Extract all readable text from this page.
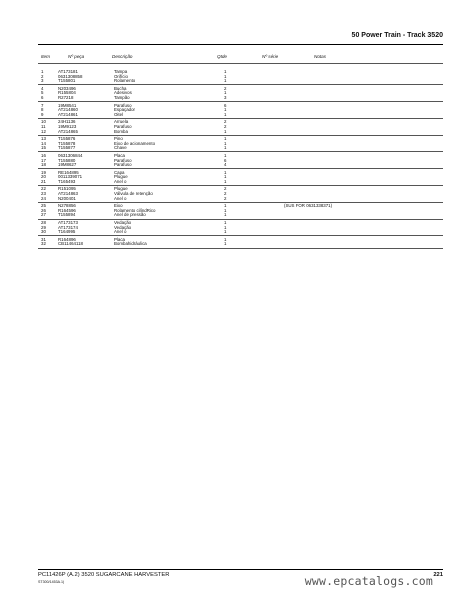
50 Power Train - Track 3520
Item	Nº peça	Descrição	Qtde	Nº série	Notas
1	AT173181	Tampa	1
2	0631308858	Orifício	1
3	T155801	Rolamento	1
4	N203496	Bucha	2
5	R155804	Adesivos	1
6	R27218	Tampão	3
7	19M8541	Parafuso	6
8	AT214860	Espaçador	1
9	AT214861	Oitel	1
10	24H1136	Arruela	2
11	19M9123	Parafuso	2
12	AT214865	Bomba	1
13	T155876	Pino	1
14	T155878	Eixo de acionamento	1
15	T155877	Chave	1
16	0631306844	Placa	1
17	T155880	Parafuso	6
18	19M8627	Parafuso	4
19	RE164895	Capa	1
20	0011339071	Plugue	1
21	T165493	Anel o	1
22	R151095	Plugue	2
23	AT214863	Válvula de retenção	2
24	N200401	Anel o	2
25	N278856	Eixo	1	(SUS FOR 0631338371)
26	R164596	Rolamento cilíndRico	1
27	T155894	Anel de pressão	1
28	AT173173	Vedação	1
29	AT173174	Vedação	1
30	T164995	Anel o	1
31	R164896	Placa	1
32	CB11464118	Bombahidráulica	1
PC11426P (A.2) 3520 SUGARCANE HARVESTER
ST300/1453A.1)	www.epcatalogs.com 221
